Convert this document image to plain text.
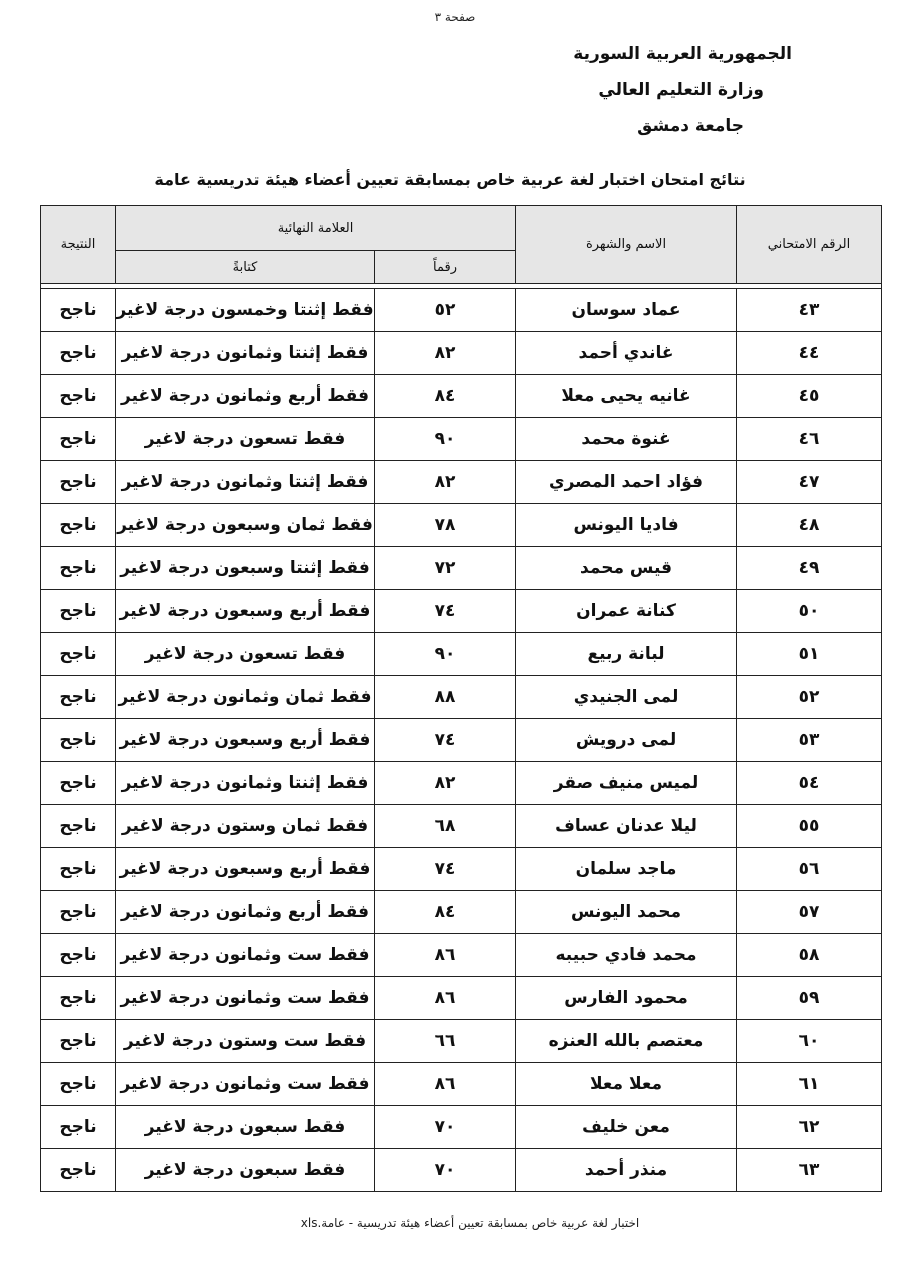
صفحة ٣
الجمهورية العربية السورية
وزارة التعليم العالي
جامعة دمشق
نتائج امتحان اختبار لغة عربية خاص بمسابقة تعيين أعضاء هيئة تدريسية عامة
الرقم الامتحاني	الاسم والشهرة	العلامة النهائية		النتيجة
		رقماً	كتابةً	

٤٣	عماد سوسان	٥٢	فقط إثنتا وخمسون درجة لاغير	ناجح
٤٤	غاندي أحمد	٨٢	فقط إثنتا وثمانون درجة لاغير	ناجح
٤٥	غانيه يحيى معلا	٨٤	فقط أربع وثمانون درجة لاغير	ناجح
٤٦	غنوة محمد	٩٠	فقط تسعون درجة لاغير	ناجح
٤٧	فؤاد احمد المصري	٨٢	فقط إثنتا وثمانون درجة لاغير	ناجح
٤٨	فاديا اليونس	٧٨	فقط ثمان وسبعون درجة لاغير	ناجح
٤٩	قيس محمد	٧٢	فقط إثنتا وسبعون درجة لاغير	ناجح
٥٠	كنانة عمران	٧٤	فقط أربع وسبعون درجة لاغير	ناجح
٥١	لبانة ربيع	٩٠	فقط تسعون درجة لاغير	ناجح
٥٢	لمى الجنيدي	٨٨	فقط ثمان وثمانون درجة لاغير	ناجح
٥٣	لمى درويش	٧٤	فقط أربع وسبعون درجة لاغير	ناجح
٥٤	لميس منيف صقر	٨٢	فقط إثنتا وثمانون درجة لاغير	ناجح
٥٥	ليلا عدنان عساف	٦٨	فقط ثمان وستون درجة لاغير	ناجح
٥٦	ماجد سلمان	٧٤	فقط أربع وسبعون درجة لاغير	ناجح
٥٧	محمد اليونس	٨٤	فقط أربع وثمانون درجة لاغير	ناجح
٥٨	محمد فادي حبيبه	٨٦	فقط ست وثمانون درجة لاغير	ناجح
٥٩	محمود الفارس	٨٦	فقط ست وثمانون درجة لاغير	ناجح
٦٠	معتصم بالله العنزه	٦٦	فقط ست وستون درجة لاغير	ناجح
٦١	معلا معلا	٨٦	فقط ست وثمانون درجة لاغير	ناجح
٦٢	معن خليف	٧٠	فقط سبعون درجة لاغير	ناجح
٦٣	منذر أحمد	٧٠	فقط سبعون درجة لاغير	ناجح
اختبار لغة عربية خاص بمسابقة تعيين أعضاء هيئة تدريسية - عامة.xls
